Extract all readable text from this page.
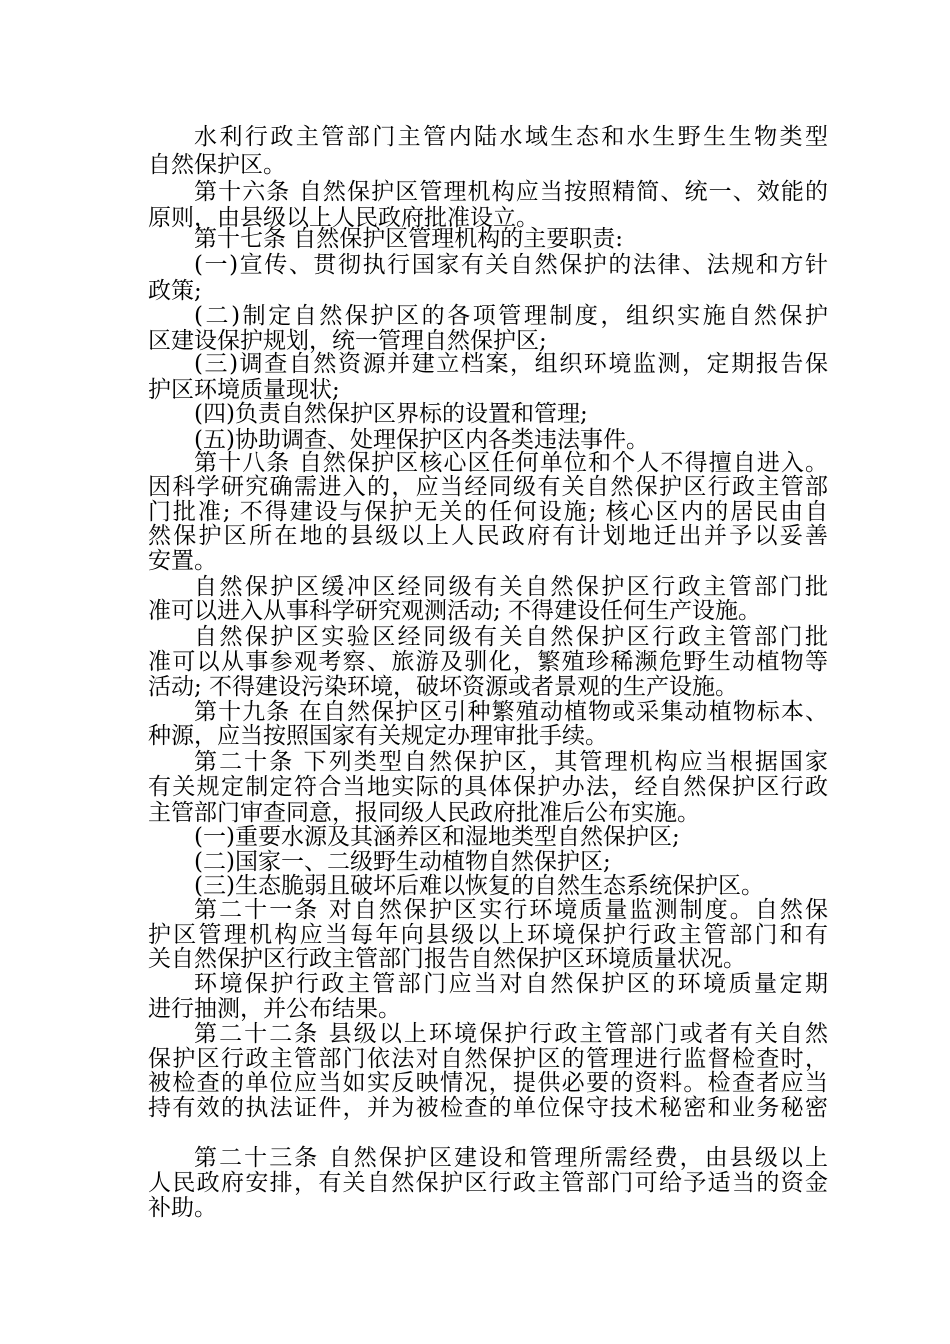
水利行政主管部门主管内陆水域生态和水生野生生物类型
自然保护区。
第十六条 自然保护区管理机构应当按照精简、统一、效能的
原则，由县级以上人民政府批准设立。
第十七条 自然保护区管理机构的主要职责:
(一)宣传、贯彻执行国家有关自然保护的法律、法规和方针
政策;
(二)制定自然保护区的各项管理制度，组织实施自然保护
区建设保护规划，统一管理自然保护区;
(三)调查自然资源并建立档案，组织环境监测，定期报告保
护区环境质量现状;
(四)负责自然保护区界标的设置和管理;
(五)协助调查、处理保护区内各类违法事件。
第十八条 自然保护区核心区任何单位和个人不得擅自进入。
因科学研究确需进入的，应当经同级有关自然保护区行政主管部
门批准; 不得建设与保护无关的任何设施; 核心区内的居民由自
然保护区所在地的县级以上人民政府有计划地迁出并予以妥善
安置。
自然保护区缓冲区经同级有关自然保护区行政主管部门批
准可以进入从事科学研究观测活动; 不得建设任何生产设施。
自然保护区实验区经同级有关自然保护区行政主管部门批
准可以从事参观考察、旅游及驯化，繁殖珍稀濒危野生动植物等
活动; 不得建设污染环境，破坏资源或者景观的生产设施。
第十九条 在自然保护区引种繁殖动植物或采集动植物标本、
种源，应当按照国家有关规定办理审批手续。
第二十条 下列类型自然保护区，其管理机构应当根据国家
有关规定制定符合当地实际的具体保护办法，经自然保护区行政
主管部门审查同意，报同级人民政府批准后公布实施。
(一)重要水源及其涵养区和湿地类型自然保护区;
(二)国家一、二级野生动植物自然保护区;
(三)生态脆弱且破坏后难以恢复的自然生态系统保护区。
第二十一条 对自然保护区实行环境质量监测制度。自然保
护区管理机构应当每年向县级以上环境保护行政主管部门和有
关自然保护区行政主管部门报告自然保护区环境质量状况。
环境保护行政主管部门应当对自然保护区的环境质量定期
进行抽测，并公布结果。
第二十二条 县级以上环境保护行政主管部门或者有关自然
保护区行政主管部门依法对自然保护区的管理进行监督检查时，
被检查的单位应当如实反映情况，提供必要的资料。检查者应当
持有效的执法证件，并为被检查的单位保守技术秘密和业务秘密
第二十三条 自然保护区建设和管理所需经费，由县级以上
人民政府安排，有关自然保护区行政主管部门可给予适当的资金
补助。
